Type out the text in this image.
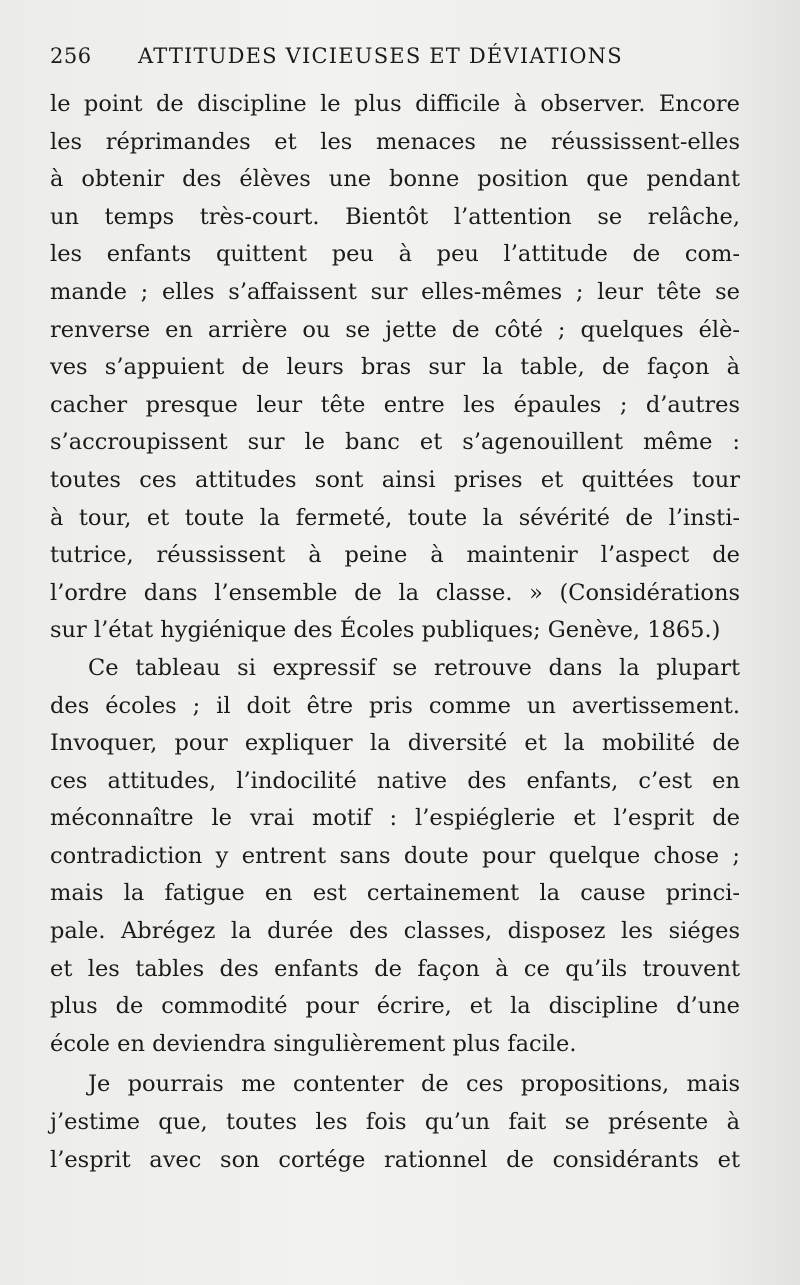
256 ATTITUDES VICIEUSES ET DÉVIATIONS

le point de discipline le plus difficile à observer. Encore
les réprimandes et les menaces ne réussissent-elles
à obtenir des élèves une bonne position que pendant
un temps très-court. Bientôt l’attention se relâche,
les enfants quittent peu à peu l’attitude de com-
mande ; elles s’affaissent sur elles-mêmes ; leur tête se
renverse en arrière ou se jette de côté ; quelques élè-
ves s’appuient de leurs bras sur la table, de façon à
cacher presque leur tête entre les épaules ; d’autres
s’accroupissent sur le banc et s’agenouillent même :
toutes ces attitudes sont ainsi prises et quittées tour
à tour, et toute la fermeté, toute la sévérité de l’insti-
tutrice, réussissent à peine à maintenir l’aspect de
l’ordre dans l’ensemble de la classe. » (Considérations
sur l’état hygiénique des Écoles publiques; Genève, 1865.)

Ce tableau si expressif se retrouve dans la plupart
des écoles ; il doit être pris comme un avertissement.
Invoquer, pour expliquer la diversité et la mobilité de
ces attitudes, l’indocilité native des enfants, c’est en
méconnaître le vrai motif : l’espiéglerie et l’esprit de
contradiction y entrent sans doute pour quelque chose ;
mais la fatigue en est certainement la cause princi-
pale. Abrégez la durée des classes, disposez les siéges
et les tables des enfants de façon à ce qu’ils trouvent
plus de commodité pour écrire, et la discipline d’une
école en deviendra singulièrement plus facile.

Je pourrais me contenter de ces propositions, mais
j’estime que, toutes les fois qu’un fait se présente à
l’esprit avec son cortége rationnel de considérants et
